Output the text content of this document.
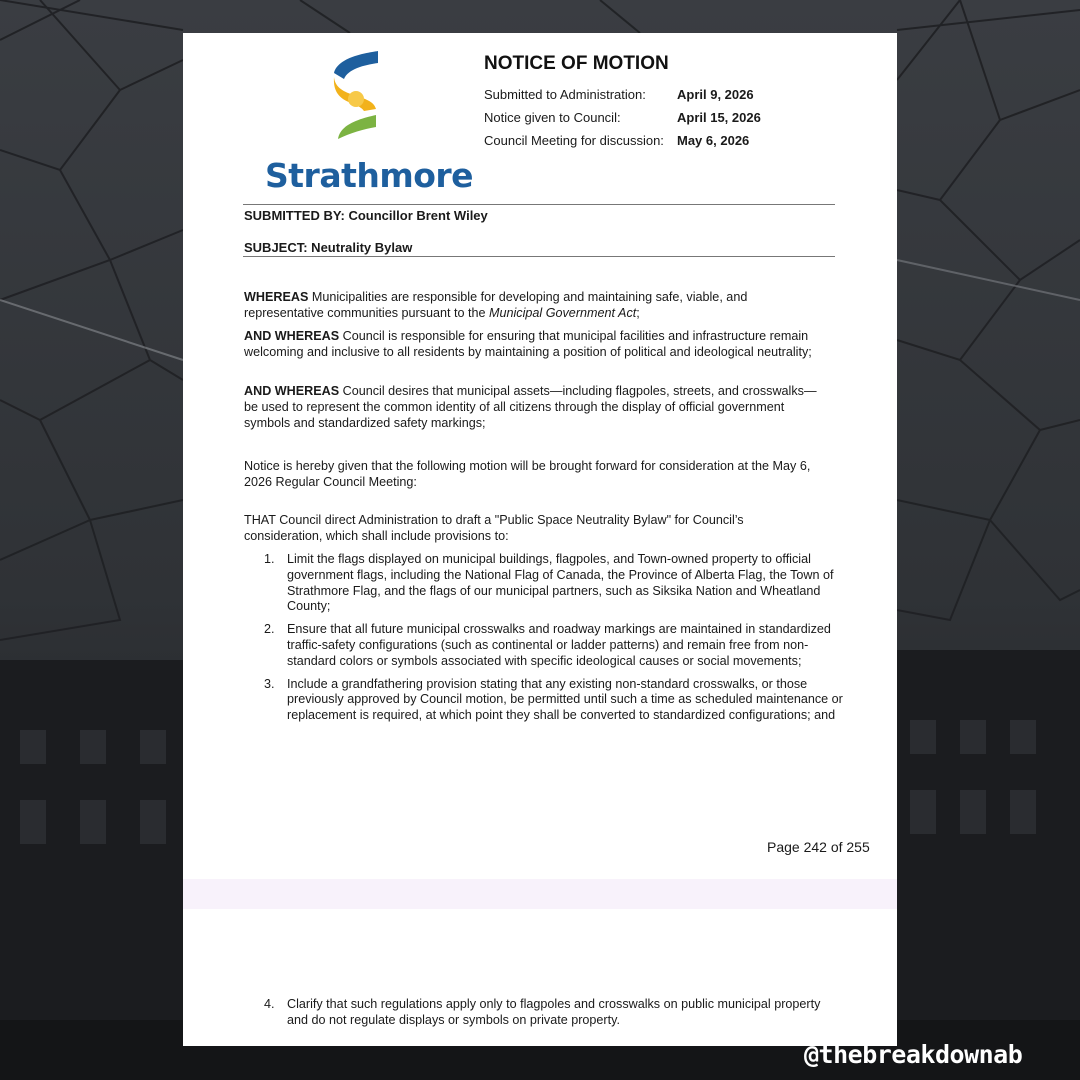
Strathmore
NOTICE OF MOTION
Submitted to Administration: April 9, 2026
Notice given to Council:	April 15, 2026
Council Meeting for discussion: May 6, 2026
SUBMITTED BY: Councillor Brent Wiley
SUBJECT: Neutrality Bylaw
WHEREAS Municipalities are responsible for developing and maintaining safe, viable, and representative communities pursuant to the Municipal Government Act;
AND WHEREAS Council is responsible for ensuring that municipal facilities and infrastructure remain welcoming and inclusive to all residents by maintaining a position of political and ideological neutrality;
AND WHEREAS Council desires that municipal assets—including flagpoles, streets, and crosswalks—be used to represent the common identity of all citizens through the display of official government symbols and standardized safety markings;
Notice is hereby given that the following motion will be brought forward for consideration at the May 6, 2026 Regular Council Meeting:
THAT Council direct Administration to draft a "Public Space Neutrality Bylaw" for Council’s consideration, which shall include provisions to:
1. Limit the flags displayed on municipal buildings, flagpoles, and Town-owned property to official government flags, including the National Flag of Canada, the Province of Alberta Flag, the Town of Strathmore Flag, and the flags of our municipal partners, such as Siksika Nation and Wheatland County;
2. Ensure that all future municipal crosswalks and roadway markings are maintained in standardized traffic-safety configurations (such as continental or ladder patterns) and remain free from non-standard colors or symbols associated with specific ideological causes or social movements;
3. Include a grandfathering provision stating that any existing non-standard crosswalks, or those previously approved by Council motion, be permitted until such a time as scheduled maintenance or replacement is required, at which point they shall be converted to standardized configurations; and
Page 242 of 255
4. Clarify that such regulations apply only to flagpoles and crosswalks on public municipal property and do not regulate displays or symbols on private property.
@thebreakdownab
